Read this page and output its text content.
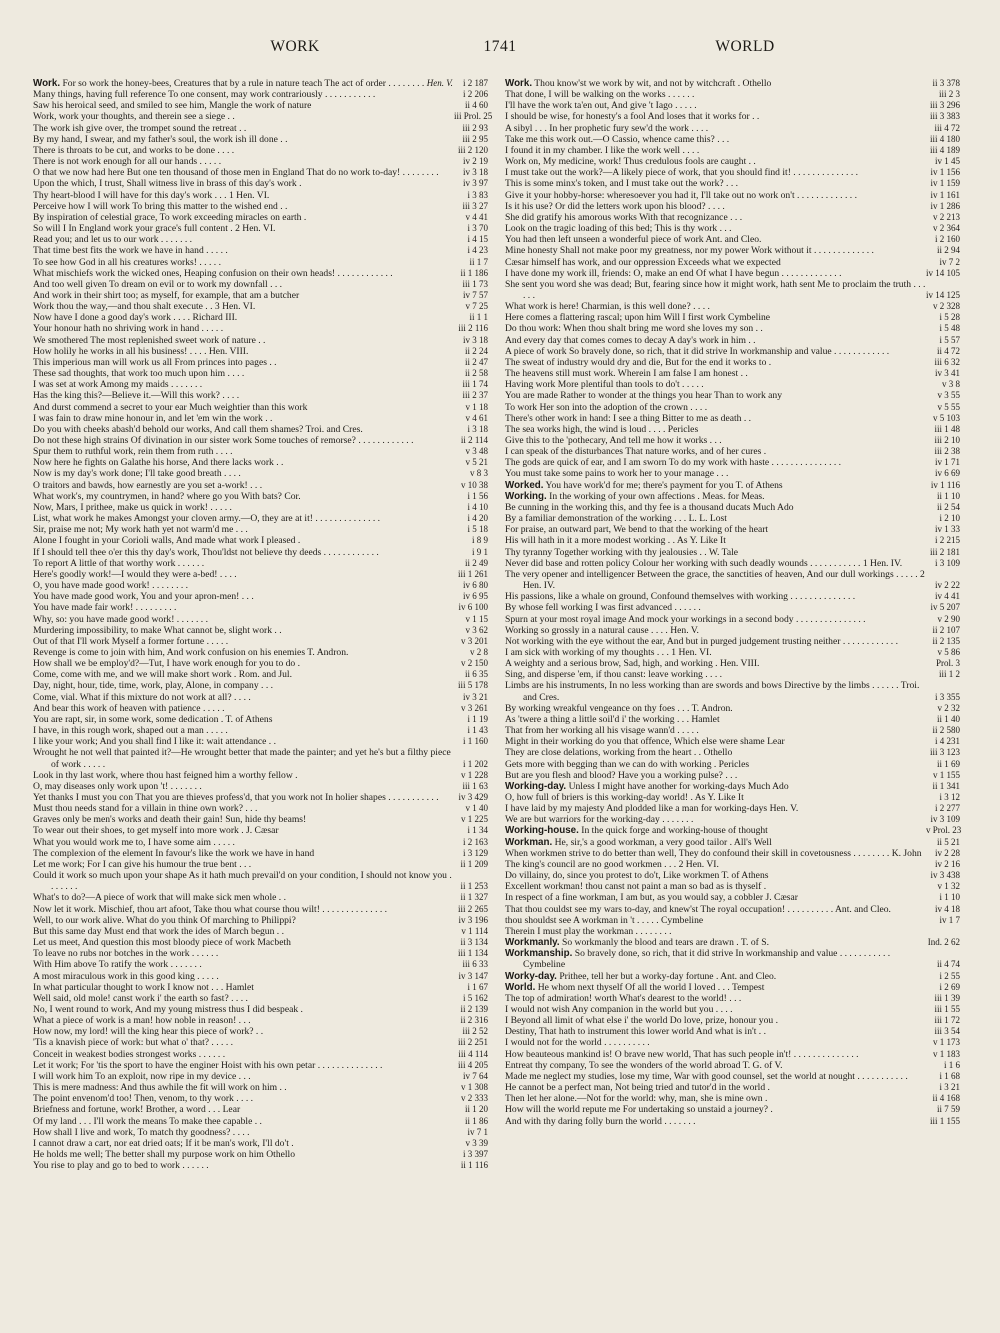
WORK	1741	WORLD
Work. For so work the honey-bees, Creatures that by a rule in nature teach The act of order . . . . . . . . Hen. V.	i 2 187
Many things, having full reference To one consent, may work contrariously . . . . . . . . . . .	i 2 206
Saw his heroical seed, and smiled to see him, Mangle the work of nature	ii 4 60
Work, work your thoughts, and therein see a siege . .	iii Prol. 25
The work ish give over, the trompet sound the retreat . .	iii 2 93
By my hand, I swear, and my father's soul, the work ish ill done . .	iii 2 95
There is throats to be cut, and works to be done . . . .	iii 2 120
There is not work enough for all our hands . . . . .	iv 2 19
O that we now had here But one ten thousand of those men in England That do no work to-day! . . . . . . . .	iv 3 18
Upon the which, I trust, Shall witness live in brass of this day's work .	iv 3 97
Thy heart-blood I will have for this day's work . . . 1 Hen. VI.	i 3 83
Perceive how I will work To bring this matter to the wished end . .	iii 3 27
By inspiration of celestial grace, To work exceeding miracles on earth .	v 4 41
So will I In England work your grace's full content . 2 Hen. VI.	i 3 70
Read you; and let us to our work . . . . . . .	i 4 15
That time best fits the work we have in hand . . . . .	i 4 23
To see how God in all his creatures works! . . . . .	ii 1 7
What mischiefs work the wicked ones, Heaping confusion on their own heads! . . . . . . . . . . . .	ii 1 186
And too well given To dream on evil or to work my downfall . . .	iii 1 73
And work in their shirt too; as myself, for example, that am a butcher	iv 7 57
Work thou the way,—and thou shalt execute . . 3 Hen. VI.	v 7 25
Now have I done a good day's work . . . . Richard III.	ii 1 1
Your honour hath no shriving work in hand . . . . .	iii 2 116
We smothered The most replenished sweet work of nature . .	iv 3 18
How holily he works in all his business! . . . . Hen. VIII.	ii 2 24
This imperious man will work us all From princes into pages . .	ii 2 47
These sad thoughts, that work too much upon him . . . .	ii 2 58
I was set at work Among my maids . . . . . . .	iii 1 74
Has the king this?—Believe it.—Will this work? . . . .	iii 2 37
And durst commend a secret to your ear Much weightier than this work	v 1 18
I was fain to draw mine honour in, and let 'em win the work . .	v 4 61
Do you with cheeks abash'd behold our works, And call them shames? Troi. and Cres.	i 3 18
Do not these high strains Of divination in our sister work Some touches of remorse? . . . . . . . . . . . .	ii 2 114
Spur them to ruthful work, rein them from ruth . . . .	v 3 48
Now here he fights on Galathe his horse, And there lacks work . .	v 5 21
Now is my day's work done; I'll take good breath . . . .	v 8 3
O traitors and bawds, how earnestly are you set a-work! . . .	v 10 38
What work's, my countrymen, in hand? where go you With bats? Cor.	i 1 56
Now, Mars, I prithee, make us quick in work! . . . . .	i 4 10
List, what work he makes Amongst your cloven army.—O, they are at it! . . . . . . . . . . . . . .	i 4 20
Sir, praise me not; My work hath yet not warm'd me . . .	i 5 18
Alone I fought in your Corioli walls, And made what work I pleased .	i 8 9
If I should tell thee o'er this thy day's work, Thou'ldst not believe thy deeds . . . . . . . . . . . .	i 9 1
To report A little of that worthy work . . . . . .	ii 2 49
Here's goodly work!—I would they were a-bed! . . . .	iii 1 261
O, you have made good work! . . . . . . . .	iv 6 80
You have made good work, You and your apron-men! . . .	iv 6 95
You have made fair work! . . . . . . . . .	iv 6 100
Why, so: you have made good work! . . . . . . .	v 1 15
Murdering impossibility, to make What cannot be, slight work . .	v 3 62
Out of that I'll work Myself a former fortune . . . . .	v 3 201
Revenge is come to join with him, And work confusion on his enemies T. Andron.	v 2 8
How shall we be employ'd?—Tut, I have work enough for you to do .	v 2 150
Come, come with me, and we will make short work . Rom. and Jul.	ii 6 35
Day, night, hour, tide, time, work, play, Alone, in company . . .	iii 5 178
Come, vial. What if this mixture do not work at all? . . . .	iv 3 21
And bear this work of heaven with patience . . . . .	v 3 261
You are rapt, sir, in some work, some dedication . T. of Athens	i 1 19
I have, in this rough work, shaped out a man . . . . .	i 1 43
I like your work; And you shall find I like it: wait attendance . .	i 1 160
Wrought he not well that painted it?—He wrought better that made the painter; and yet he's but a filthy piece of work . . . . .	i 1 202
Look in thy last work, where thou hast feigned him a worthy fellow .	v 1 228
O, may diseases only work upon 't! . . . . . . .	iii 1 63
Yet thanks I must you con That you are thieves profess'd, that you work not In holier shapes . . . . . . . . . . .	iv 3 429
Must thou needs stand for a villain in thine own work? . . .	v 1 40
Graves only be men's works and death their gain! Sun, hide thy beams!	v 1 225
To wear out their shoes, to get myself into more work . J. Cæsar	i 1 34
What you would work me to, I have some aim . . . . .	i 2 163
The complexion of the element In favour's like the work we have in hand	i 3 129
Let me work; For I can give his humour the true bent . . .	ii 1 209
Could it work so much upon your shape As it hath much prevail'd on your condition, I should not know you . . . . . . .	ii 1 253
What's to do?—A piece of work that will make sick men whole . .	ii 1 327
Now let it work. Mischief, thou art afoot, Take thou what course thou wilt! . . . . . . . . . . . . . .	iii 2 265
Well, to our work alive. What do you think Of marching to Philippi?	iv 3 196
But this same day Must end that work the ides of March begun . .	v 1 114
Let us meet, And question this most bloody piece of work Macbeth	ii 3 134
To leave no rubs nor botches in the work . . . . . .	iii 1 134
With Him above To ratify the work . . . . . . .	iii 6 33
A most miraculous work in this good king . . . . .	iv 3 147
In what particular thought to work I know not . . . Hamlet	i 1 67
Well said, old mole! canst work i' the earth so fast? . . . .	i 5 162
No, I went round to work, And my young mistress thus I did bespeak .	ii 2 139
What a piece of work is a man! how noble in reason! . . .	ii 2 316
How now, my lord! will the king hear this piece of work? . .	iii 2 52
'Tis a knavish piece of work: but what o' that? . . . . .	iii 2 251
Conceit in weakest bodies strongest works . . . . . .	iii 4 114
Let it work; For 'tis the sport to have the enginer Hoist with his own petar . . . . . . . . . . . . . .	iii 4 205
I will work him To an exploit, now ripe in my device . . .	iv 7 64
This is mere madness: And thus awhile the fit will work on him . .	v 1 308
The point envenom'd too! Then, venom, to thy work . . . .	v 2 333
Briefness and fortune, work! Brother, a word . . . Lear	ii 1 20
Of my land . . . I'll work the means To make thee capable . .	ii 1 86
How shall I live and work, To match thy goodness? . . . .	iv 7 1
I cannot draw a cart, nor eat dried oats; If it be man's work, I'll do't .	v 3 39
He holds me well; The better shall my purpose work on him Othello	i 3 397
You rise to play and go to bed to work . . . . . .	ii 1 116
Work. Thou know'st we work by wit, and not by witchcraft . Othello	ii 3 378
That done, I will be walking on the works . . . . . .	iii 2 3
I'll have the work ta'en out, And give 't Iago . . . . .	iii 3 296
I should be wise, for honesty's a fool And loses that it works for . .	iii 3 383
A sibyl . . . In her prophetic fury sew'd the work . . . .	iii 4 72
Take me this work out.—O Cassio, whence came this? . . .	iii 4 180
I found it in my chamber. I like the work well . . . .	iii 4 189
Work on, My medicine, work! Thus credulous fools are caught . .	iv 1 45
I must take out the work?—A likely piece of work, that you should find it! . . . . . . . . . . . . . .	iv 1 156
This is some minx's token, and I must take out the work? . . .	iv 1 159
Give it your hobby-horse: wheresoever you had it, I'll take out no work on't . . . . . . . . . . . . .	iv 1 161
Is it his use? Or did the letters work upon his blood? . . . .	iv 1 286
She did gratify his amorous works With that recognizance . . .	v 2 213
Look on the tragic loading of this bed; This is thy work . . .	v 2 364
You had then left unseen a wonderful piece of work Ant. and Cleo.	i 2 160
Mine honesty Shall not make poor my greatness, nor my power Work without it . . . . . . . . . . . . .	ii 2 94
Cæsar himself has work, and our oppression Exceeds what we expected	iv 7 2
I have done my work ill, friends: O, make an end Of what I have begun . . . . . . . . . . . . .	iv 14 105
She sent you word she was dead; But, fearing since how it might work, hath sent Me to proclaim the truth . . . . . .	iv 14 125
What work is here! Charmian, is this well done? . . . .	v 2 328
Here comes a flattering rascal; upon him Will I first work Cymbeline	i 5 28
Do thou work: When thou shalt bring me word she loves my son . .	i 5 48
And every day that comes comes to decay A day's work in him . .	i 5 57
A piece of work So bravely done, so rich, that it did strive In workmanship and value . . . . . . . . . . . .	ii 4 72
The sweat of industry would dry and die, But for the end it works to .	iii 6 32
The heavens still must work. Wherein I am false I am honest . .	iv 3 41
Having work More plentiful than tools to do't . . . . .	v 3 8
You are made Rather to wonder at the things you hear Than to work any	v 3 55
To work Her son into the adoption of the crown . . . .	v 5 55
There's other work in hand: I see a thing Bitter to me as death . .	v 5 103
The sea works high, the wind is loud . . . . Pericles	iii 1 48
Give this to the 'pothecary, And tell me how it works . . .	iii 2 10
I can speak of the disturbances That nature works, and of her cures .	iii 2 38
The gods are quick of ear, and I am sworn To do my work with haste . . . . . . . . . . . . . . .	iv 1 71
You must take some pains to work her to your manage . . .	iv 6 69
Worked. You have work'd for me; there's payment for you T. of Athens	iv 1 116
Working. In the working of your own affections . Meas. for Meas.	ii 1 10
Be cunning in the working this, and thy fee is a thousand ducats Much Ado	ii 2 54
By a familiar demonstration of the working . . . L. L. Lost	i 2 10
For praise, an outward part, We bend to that the working of the heart	iv 1 33
His will hath in it a more modest working . . As Y. Like It	i 2 215
Thy tyranny Together working with thy jealousies . . W. Tale	iii 2 181
Never did base and rotten policy Colour her working with such deadly wounds . . . . . . . . . . . 1 Hen. IV.	i 3 109
The very opener and intelligencer Between the grace, the sanctities of heaven, And our dull workings . . . . . 2 Hen. IV.	iv 2 22
His passions, like a whale on ground, Confound themselves with working . . . . . . . . . . . . . .	iv 4 41
By whose fell working I was first advanced . . . . . .	iv 5 207
Spurn at your most royal image And mock your workings in a second body . . . . . . . . . . . . . . .	v 2 90
Working so grossly in a natural cause . . . . Hen. V.	ii 2 107
Not working with the eye without the ear, And but in purged judgement trusting neither . . . . . . . . . . . .	ii 2 135
I am sick with working of my thoughts . . . 1 Hen. VI.	v 5 86
A weighty and a serious brow, Sad, high, and working . Hen. VIII.	Prol. 3
Sing, and disperse 'em, if thou canst: leave working . . . .	iii 1 2
Limbs are his instruments, In no less working than are swords and bows Directive by the limbs . . . . . . Troi. and Cres.	i 3 355
By working wreakful vengeance on thy foes . . . T. Andron.	v 2 32
As 'twere a thing a little soil'd i' the working . . . Hamlet	ii 1 40
That from her working all his visage wann'd . . . . .	ii 2 580
Might in their working do you that offence, Which else were shame Lear	i 4 231
They are close delations, working from the heart . . Othello	iii 3 123
Gets more with begging than we can do with working . Pericles	ii 1 69
But are you flesh and blood? Have you a working pulse? . . .	v 1 155
Working-day. Unless I might have another for working-days Much Ado	ii 1 341
O, how full of briers is this working-day world! . As Y. Like It	i 3 12
I have laid by my majesty And plodded like a man for working-days Hen. V.	i 2 277
We are but warriors for the working-day . . . . . . .	iv 3 109
Working-house. In the quick forge and working-house of thought	v Prol. 23
Workman. He, sir,'s a good workman, a very good tailor . All's Well	ii 5 21
When workmen strive to do better than well, They do confound their skill in covetousness . . . . . . . . K. John	iv 2 28
The king's council are no good workmen . . . 2 Hen. VI.	iv 2 16
Do villainy, do, since you protest to do't, Like workmen T. of Athens	iv 3 438
Excellent workman! thou canst not paint a man so bad as is thyself .	v 1 32
In respect of a fine workman, I am but, as you would say, a cobbler J. Cæsar	i 1 10
That thou couldst see my wars to-day, and knew'st The royal occupation! . . . . . . . . . . Ant. and Cleo.	iv 4 18
thou shouldst see A workman in 't . . . . . Cymbeline	iv 1 7
Therein I must play the workman . . . . . . . .
Workmanly. So workmanly the blood and tears are drawn . T. of S.	Ind. 2 62
Workmanship. So bravely done, so rich, that it did strive In workmanship and value . . . . . . . . . . . Cymbeline	ii 4 74
Worky-day. Prithee, tell her but a worky-day fortune . Ant. and Cleo.	i 2 55
World. He whom next thyself Of all the world I loved . . . Tempest	i 2 69
The top of admiration! worth What's dearest to the world! . . .	iii 1 39
I would not wish Any companion in the world but you . . . .	iii 1 55
I Beyond all limit of what else i' the world Do love, prize, honour you .	iii 1 72
Destiny, That hath to instrument this lower world And what is in't . .	iii 3 54
I would not for the world . . . . . . . . . .	v 1 173
How beauteous mankind is! O brave new world, That has such people in't! . . . . . . . . . . . . . .	v 1 183
Entreat thy company, To see the wonders of the world abroad T. G. of V.	i 1 6
Made me neglect my studies, lose my time, War with good counsel, set the world at nought . . . . . . . . . . .	i 1 68
He cannot be a perfect man, Not being tried and tutor'd in the world .	i 3 21
Then let her alone.—Not for the world: why, man, she is mine own .	ii 4 168
How will the world repute me For undertaking so unstaid a journey? .	ii 7 59
And with thy daring folly burn the world . . . . . . .	iii 1 155
